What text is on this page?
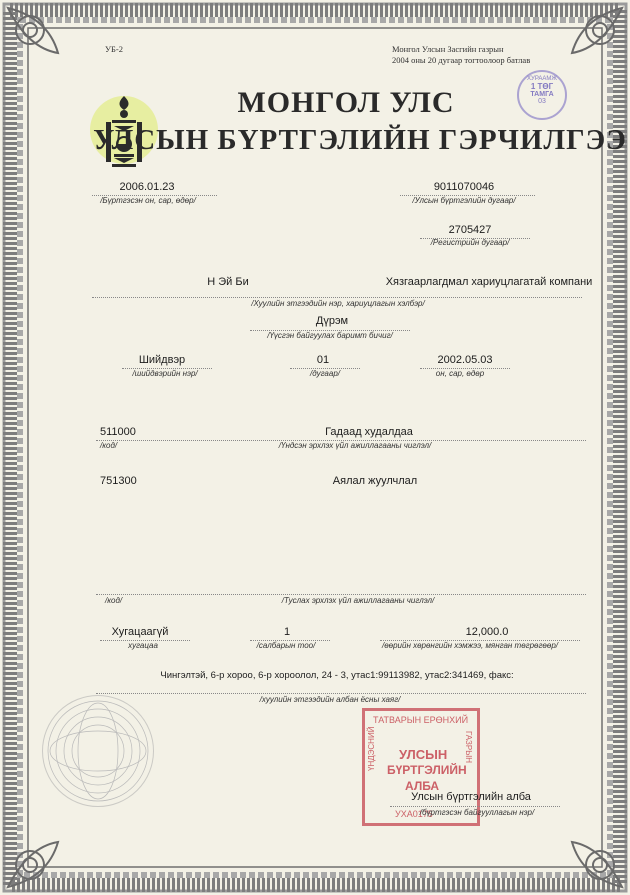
УБ-2	Монгол Улсын Засгийн газрын
2004 оны 20 дугаар тогтоолоор батлав
ХУРААМЖ
1 ТӨГ
ТАМГА
03
МОНГОЛ УЛС
УЛСЫН БҮРТГЭЛИЙН ГЭРЧИЛГЭЭ
2006.01.23
/Бүртгэсэн он, сар, өдөр/
9011070046
/Улсын бүртгэлийн дугаар/
2705427
/Регистрийн дугаар/
Н Эй Би	Хязгаарлагдмал хариуцлагатай компани
/Хуулийн этгээдийн нэр, хариуцлагын хэлбэр/
Дүрэм
/Үүсгэн байгуулах баримт бичиг/
Шийдвэр
/шийдвэрийн нэр/
01
/дугаар/
2002.05.03
он, сар, өдөр
511000	Гадаад худалдаа
/код/	/Үндсэн эрхлэх үйл ажиллагааны чиглэл/
751300	Аялал жуулчлал
/код/	/Туслах эрхлэх үйл ажиллагааны чиглэл/
Хугацаагүй
хугацаа
1
/салбарын тоо/
12,000.0
/өөрийн хөрөнгийн хэмжээ, мянган төгрөгөөр/
Чингэлтэй, 6-р хороо, 6-р хороолол, 24 - 3, утас1:99113982, утас2:341469, факс:
/хуулийн этгээдийн албан ёсны хаяг/
ТАТВАРЫН ЕРӨНХИЙ
ҮНДЭСНИЙ	ГАЗРЫН
УЛСЫН
БҮРТГЭЛИЙН
АЛБА
УХА0175
Улсын бүртгэлийн алба
/бүртгэсэн байгууллагын нэр/
